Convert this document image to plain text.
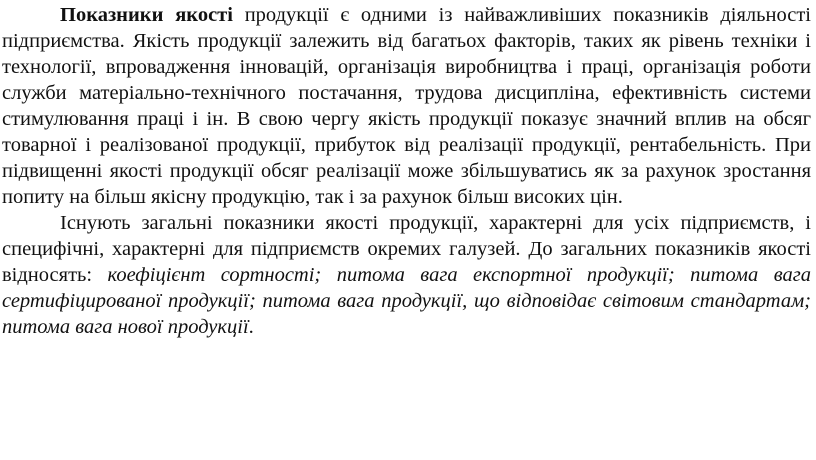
Показники якості продукції є одними із найважливіших показників діяльності підприємства. Якість продукції залежить від багатьох факторів, таких як рівень техніки і технології, впровадження інновацій, організація виробництва і праці, організація роботи служби матеріально-технічного постачання, трудова дисципліна, ефективність системи стимулювання праці і ін. В свою чергу якість продукції показує значний вплив на обсяг товарної і реалізованої продукції, прибуток від реалізації продукції, рентабельність. При підвищенні якості продукції обсяг реалізації може збільшуватись як за рахунок зростання попиту на більш якісну продукцію, так і за рахунок більш високих цін.

Існують загальні показники якості продукції, характерні для усіх підприємств, і специфічні, характерні для підприємств окремих галузей. До загальних показників якості відносять: коефіцієнт сортності; питома вага експортної продукції; питома вага сертифіцированої продукції; питома вага продукції, що відповідає світовим стандартам; питома вага нової продукції.
